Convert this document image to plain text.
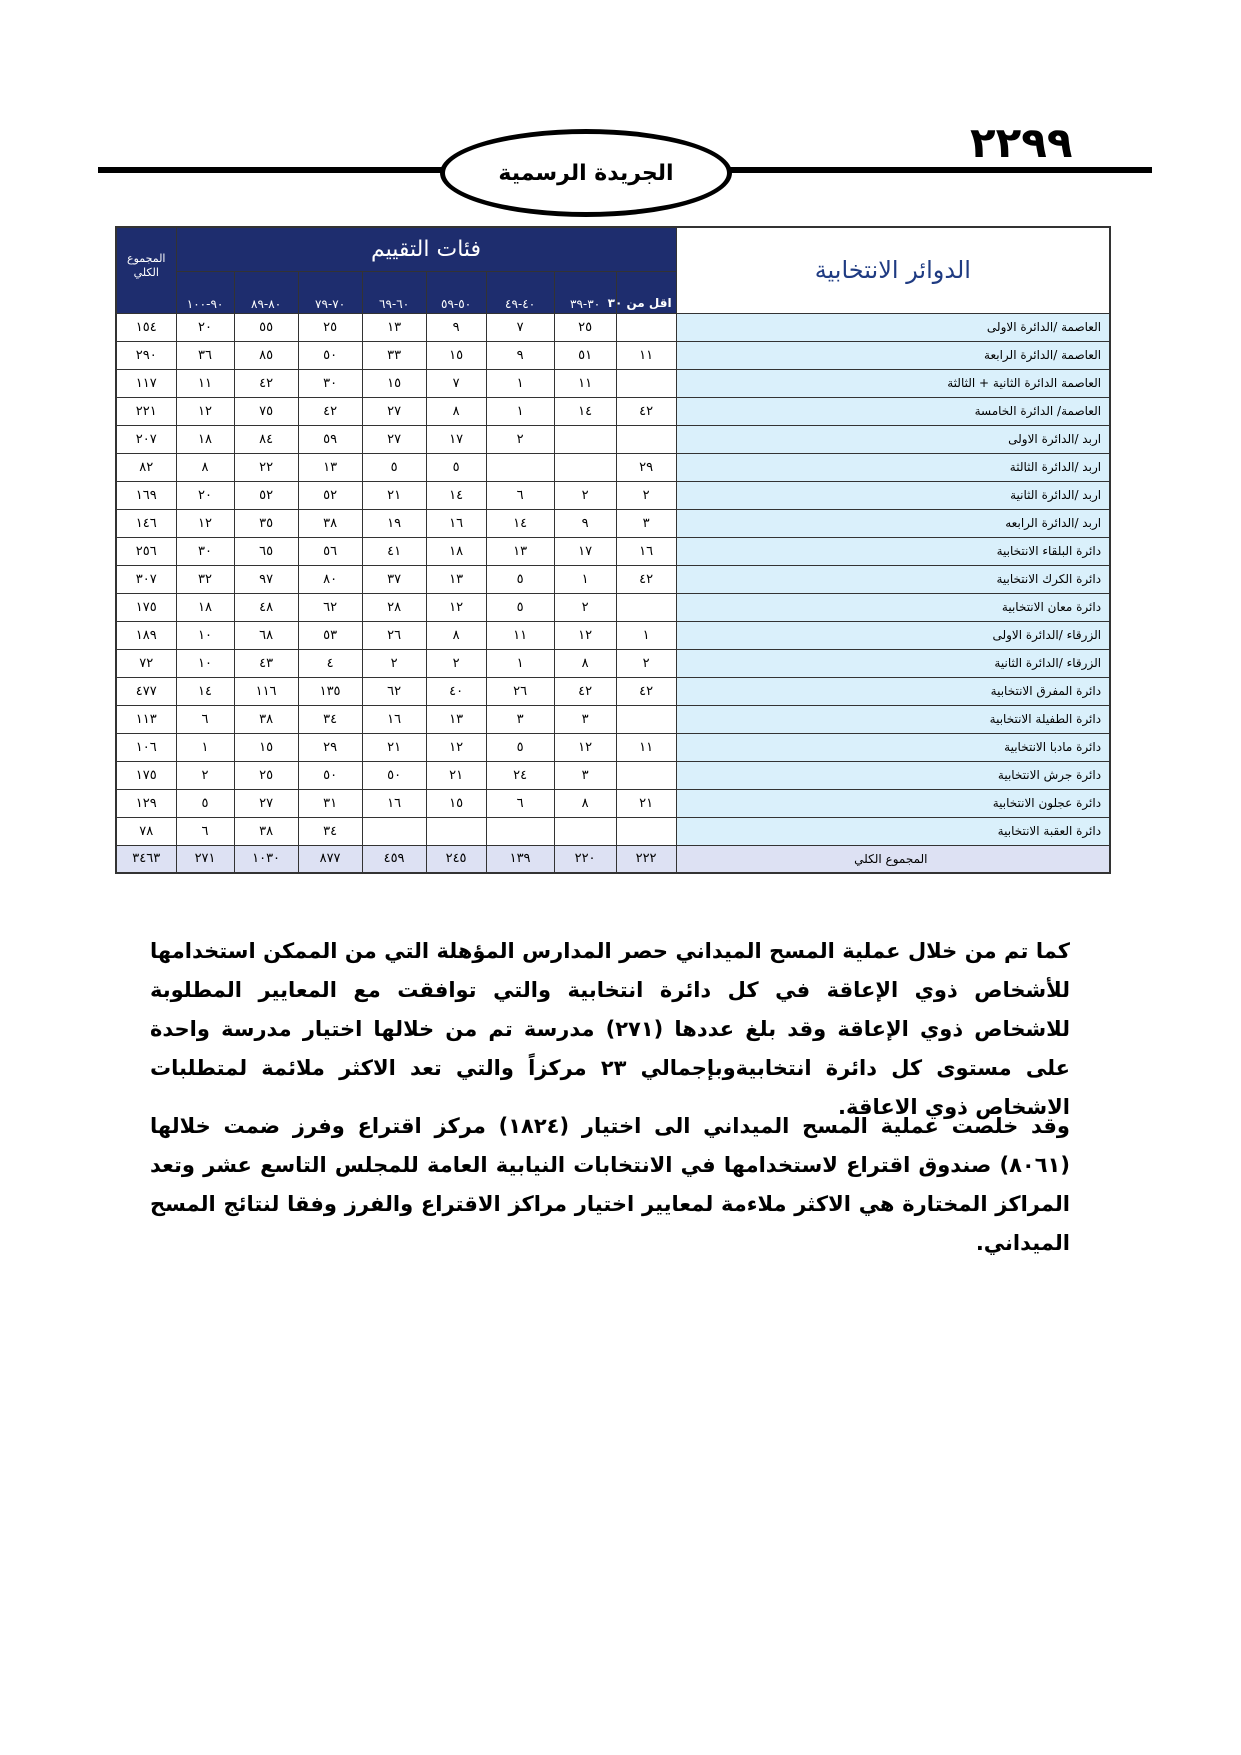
٢٢٩٩
الجريدة الرسمية
الدوائر الانتخابية	فئات التقييم								المجموع الكلي
	اقل من ٣٠	٣٠-٣٩	٤٠-٤٩	٥٠-٥٩	٦٠-٦٩	٧٠-٧٩	٨٠-٨٩	٩٠-١٠٠	
العاصمة /الدائرة الاولى		٢٥	٧	٩	١٣	٢٥	٥٥	٢٠	١٥٤
العاصمة /الدائرة الرابعة	١١	٥١	٩	١٥	٣٣	٥٠	٨٥	٣٦	٢٩٠
العاصمة الدائرة الثانية + الثالثة		١١	١	٧	١٥	٣٠	٤٢	١١	١١٧
العاصمة/ الدائرة الخامسة	٤٢	١٤	١	٨	٢٧	٤٢	٧٥	١٢	٢٢١
اربد /الدائرة الاولى			٢	١٧	٢٧	٥٩	٨٤	١٨	٢٠٧
اربد /الدائرة الثالثة	٢٩			٥	٥	١٣	٢٢	٨	٨٢
اربد /الدائرة الثانية	٢	٢	٦	١٤	٢١	٥٢	٥٢	٢٠	١٦٩
اربد /الدائرة الرابعه	٣	٩	١٤	١٦	١٩	٣٨	٣٥	١٢	١٤٦
دائرة البلقاء الانتخابية	١٦	١٧	١٣	١٨	٤١	٥٦	٦٥	٣٠	٢٥٦
دائرة الكرك الانتخابية	٤٢	١	٥	١٣	٣٧	٨٠	٩٧	٣٢	٣٠٧
دائرة معان الانتخابية		٢	٥	١٢	٢٨	٦٢	٤٨	١٨	١٧٥
الزرقاء /الدائرة الاولى	١	١٢	١١	٨	٢٦	٥٣	٦٨	١٠	١٨٩
الزرقاء /الدائرة الثانية	٢	٨	١	٢	٢	٤	٤٣	١٠	٧٢
دائرة المفرق الانتخابية	٤٢	٤٢	٢٦	٤٠	٦٢	١٣٥	١١٦	١٤	٤٧٧
دائرة الطفيلة الانتخابية		٣	٣	١٣	١٦	٣٤	٣٨	٦	١١٣
دائرة مادبا الانتخابية	١١	١٢	٥	١٢	٢١	٢٩	١٥	١	١٠٦
دائرة جرش الانتخابية		٣	٢٤	٢١	٥٠	٥٠	٢٥	٢	١٧٥
دائرة عجلون الانتخابية	٢١	٨	٦	١٥	١٦	٣١	٢٧	٥	١٢٩
دائرة العقبة الانتخابية						٣٤	٣٨	٦	٧٨
المجموع الكلي	٢٢٢	٢٢٠	١٣٩	٢٤٥	٤٥٩	٨٧٧	١٠٣٠	٢٧١	٣٤٦٣
كما تم من خلال عملية المسح الميداني حصر المدارس المؤهلة التي من الممكن استخدامها للأشخاص ذوي الإعاقة في كل دائرة انتخابية والتي توافقت مع المعايير المطلوبة للاشخاص ذوي الإعاقة وقد بلغ عددها (٢٧١) مدرسة تم من خلالها اختيار مدرسة واحدة على مستوى كل دائرة انتخابيةوبإجمالي ٢٣ مركزاً والتي تعد الاكثر ملائمة لمتطلبات الاشخاص ذوي الاعاقة.
وقد خلصت عملية المسح الميداني الى اختيار (١٨٢٤) مركز اقتراع وفرز ضمت خلالها (٨٠٦١) صندوق اقتراع لاستخدامها في الانتخابات النيابية العامة للمجلس التاسع عشر وتعد المراكز المختارة هي الاكثر ملاءمة لمعايير اختيار مراكز الاقتراع والفرز وفقا لنتائج المسح الميداني.
